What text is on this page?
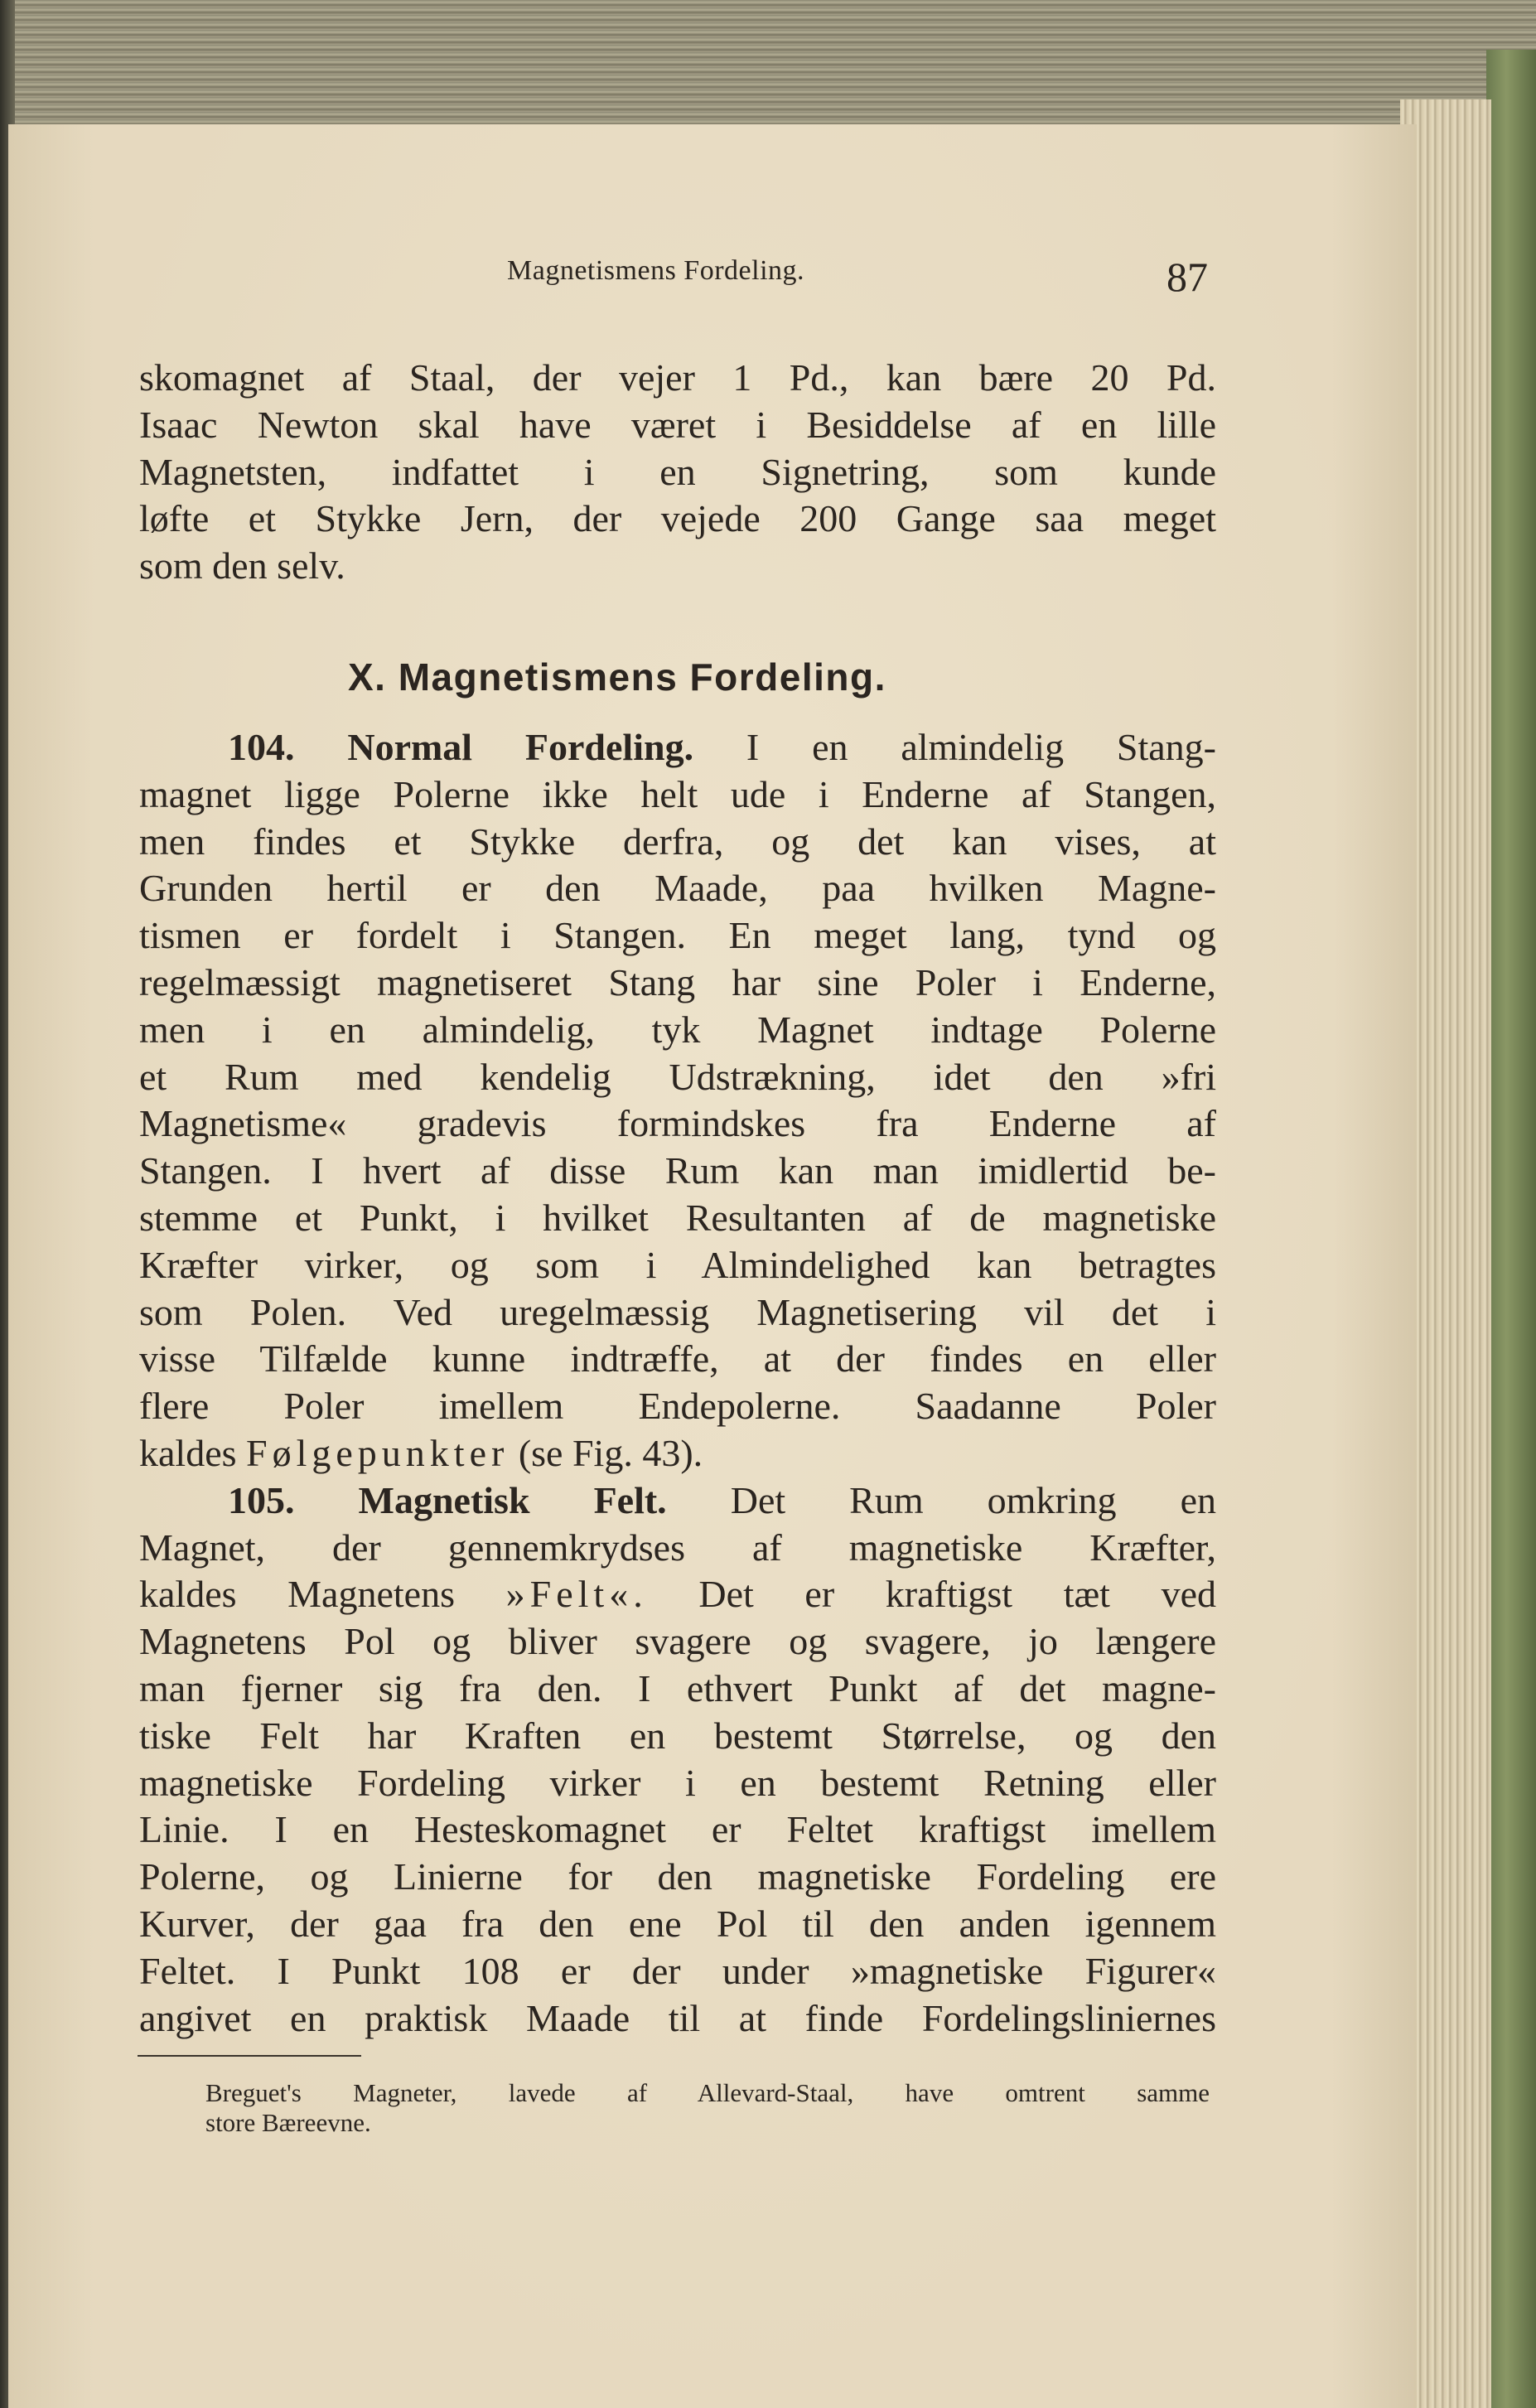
Magnetismens Fordeling.	87
skomagnet af Staal, der vejer 1 Pd., kan bære 20 Pd.
Isaac Newton skal have været i Besiddelse af en lille
Magnetsten, indfattet i en Signetring, som kunde
løfte et Stykke Jern, der vejede 200 Gange saa meget
som den selv.
X. Magnetismens Fordeling.
104. Normal Fordeling. I en almindelig Stang-
magnet ligge Polerne ikke helt ude i Enderne af Stangen,
men findes et Stykke derfra, og det kan vises, at
Grunden hertil er den Maade, paa hvilken Magne-
tismen er fordelt i Stangen. En meget lang, tynd og
regelmæssigt magnetiseret Stang har sine Poler i Enderne,
men i en almindelig, tyk Magnet indtage Polerne
et Rum med kendelig Udstrækning, idet den »fri
Magnetisme« gradevis formindskes fra Enderne af
Stangen. I hvert af disse Rum kan man imidlertid be-
stemme et Punkt, i hvilket Resultanten af de magnetiske
Kræfter virker, og som i Almindelighed kan betragtes
som Polen. Ved uregelmæssig Magnetisering vil det i
visse Tilfælde kunne indtræffe, at der findes en eller
flere Poler imellem Endepolerne. Saadanne Poler
kaldes Følgepunkter (se Fig. 43).
105. Magnetisk Felt. Det Rum omkring en
Magnet, der gennemkrydses af magnetiske Kræfter,
kaldes Magnetens »Felt«. Det er kraftigst tæt ved
Magnetens Pol og bliver svagere og svagere, jo længere
man fjerner sig fra den. I ethvert Punkt af det magne-
tiske Felt har Kraften en bestemt Størrelse, og den
magnetiske Fordeling virker i en bestemt Retning eller
Linie. I en Hesteskomagnet er Feltet kraftigst imellem
Polerne, og Linierne for den magnetiske Fordeling ere
Kurver, der gaa fra den ene Pol til den anden igennem
Feltet. I Punkt 108 er der under »magnetiske Figurer«
angivet en praktisk Maade til at finde Fordelingsliniernes
Breguet's Magneter, lavede af Allevard-Staal, have omtrent samme
store Bæreevne.
